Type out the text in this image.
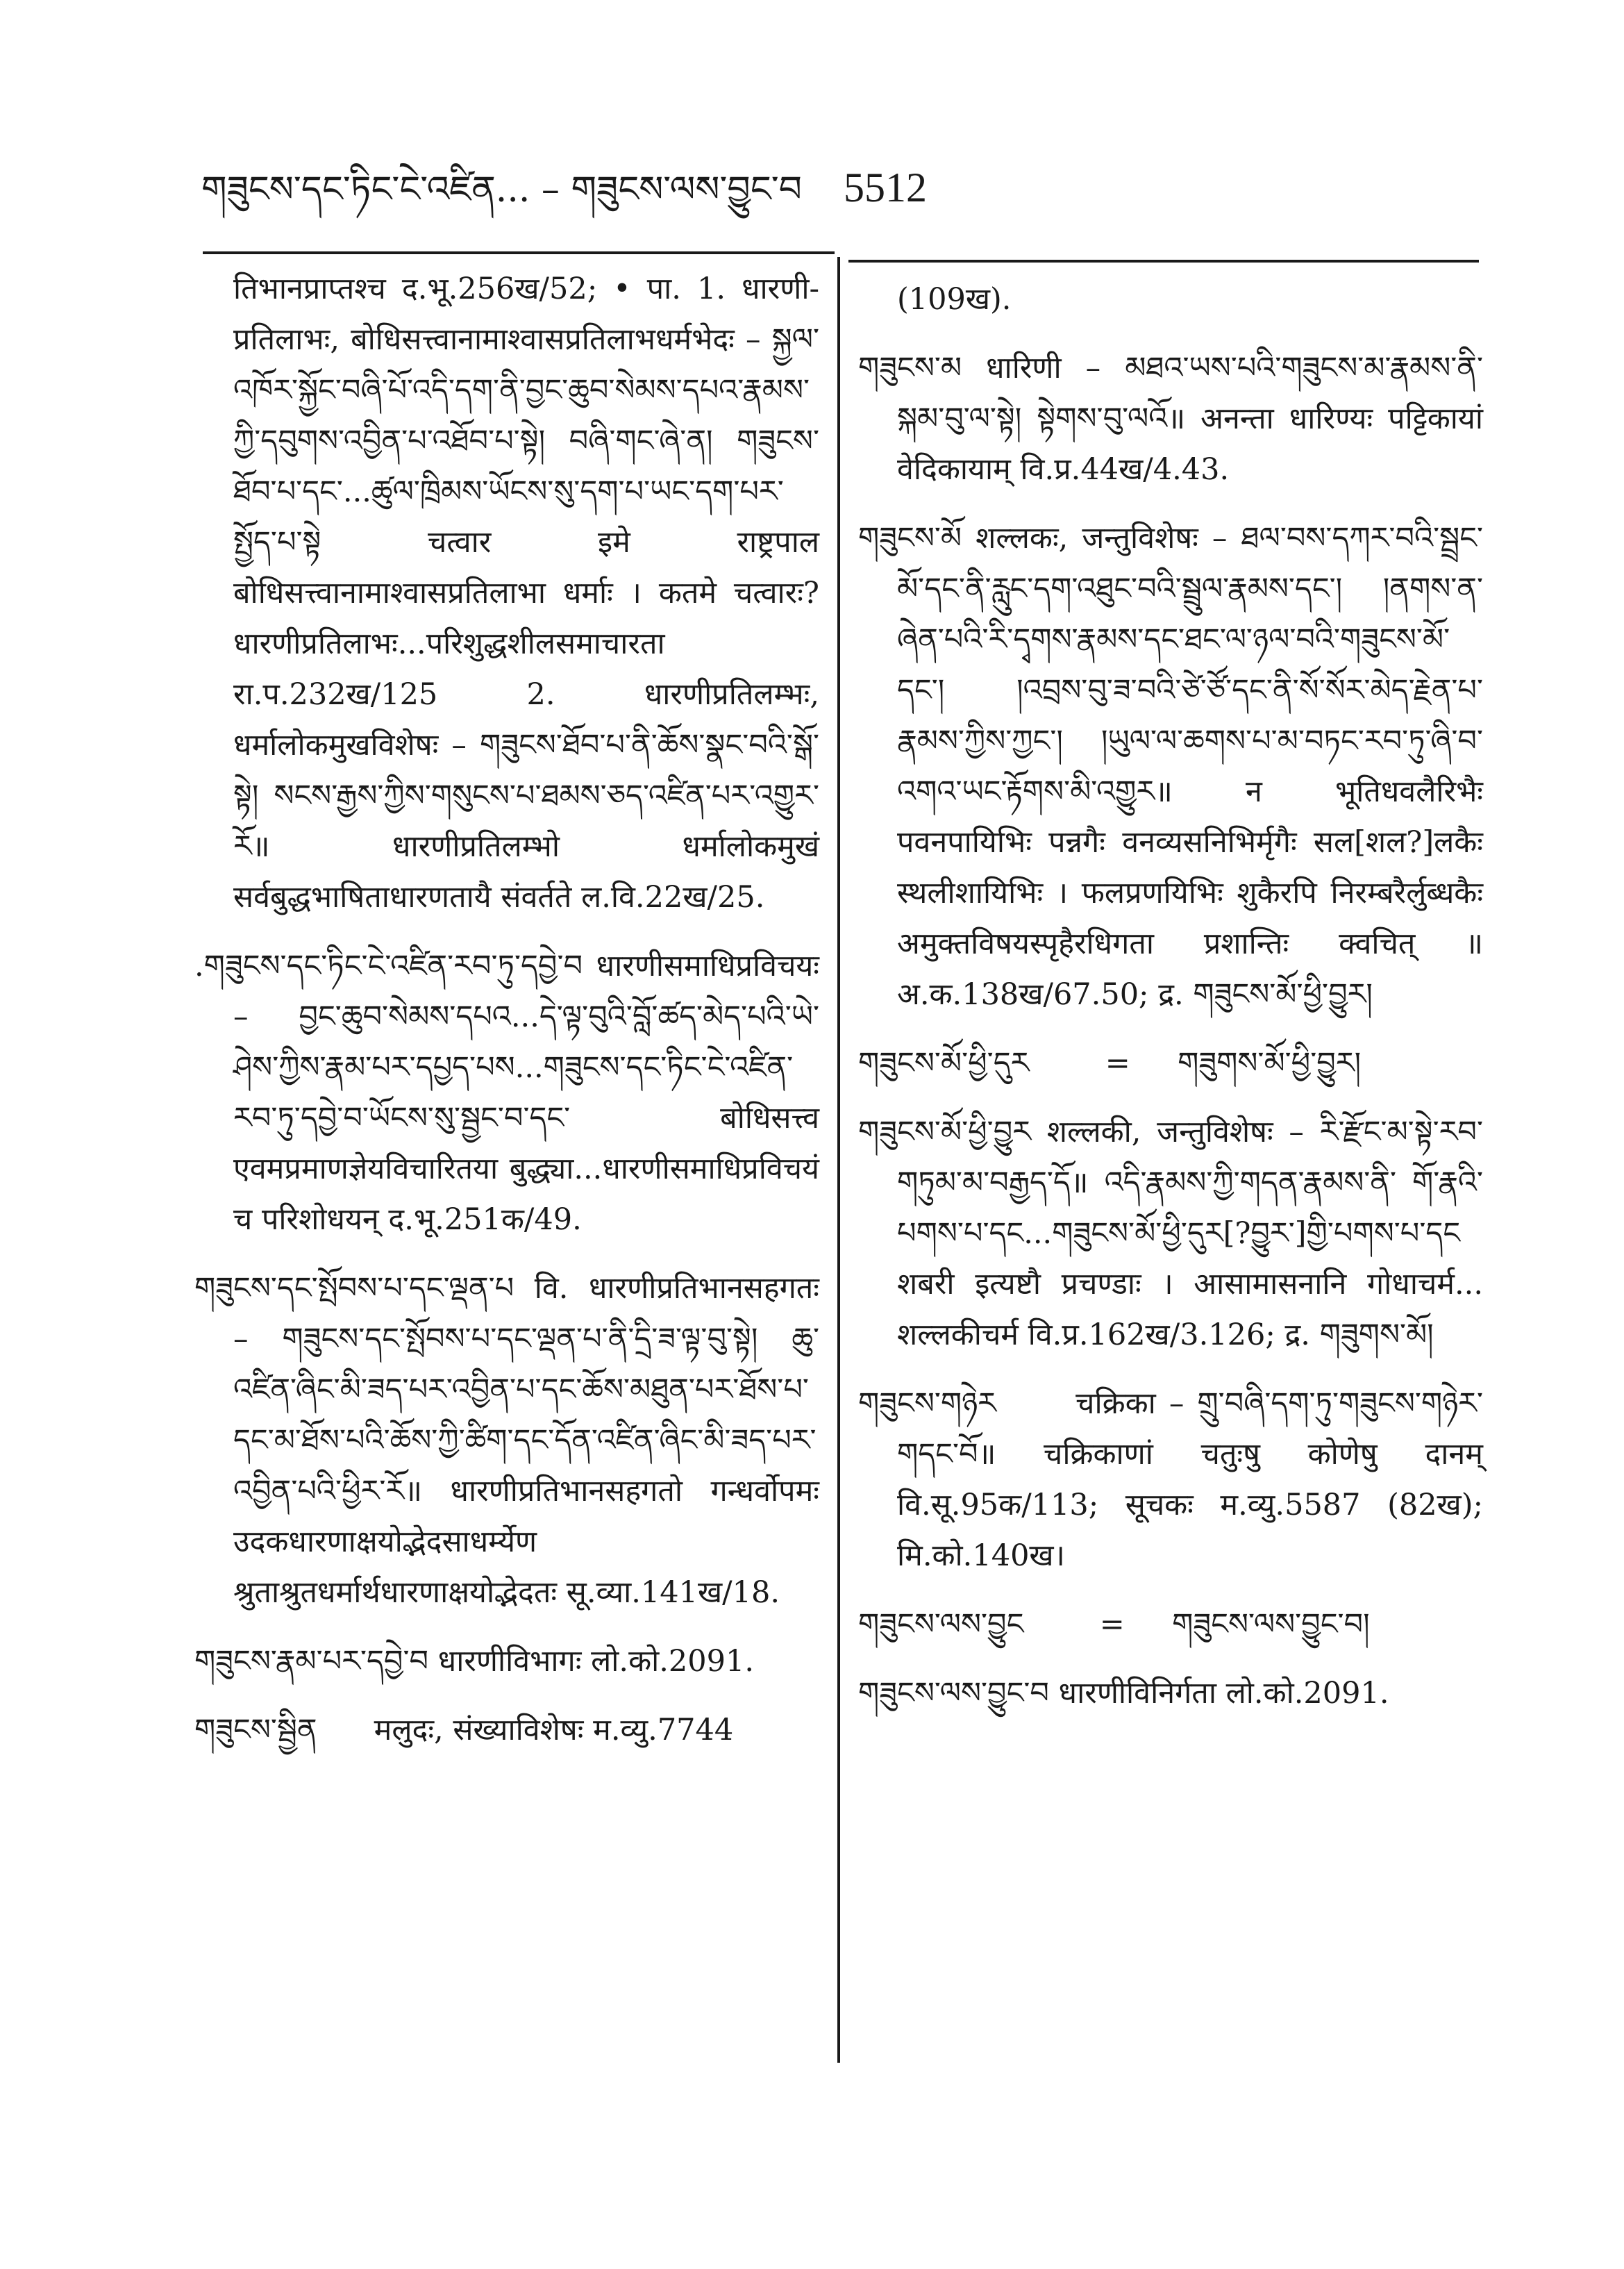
གཟུངས་དང་ཏིང་ངེ་འཛིན... – གཟུངས་ལས་བྱུང་བ 5512

तिभानप्राप्तश्च द.भू.256ख/52; • पा. 1. धारणी-प्रतिलाभः, बोधिसत्त्वानामाश्वासप्रतिलाभधर्मभेदः – སྐྱལ་འཁོར་སྐྱོང་བཞི་པོ་འདི་དག་ནི་བྱང་ཆུབ་སེམས་དཔའ་རྣམས་ཀྱི་དབུགས་འབྱིན་པ་འཐོབ་པ་སྟེ། བཞི་གང་ཞེ་ན། གཟུངས་ཐོབ་པ་དང་...ཚུལ་ཁྲིམས་ཡོངས་སུ་དག་པ་ཡང་དག་པར་སྤྱོད་པ་སྟེ चत्वार इमे राष्ट्रपाल बोधिसत्त्वानामाश्वासप्रतिलाभा धर्माः । कतमे चत्वारः? धारणीप्रतिलाभः...परिशुद्धशीलसमाचारता रा.प.232ख/125 2. धारणीप्रतिलम्भः, धर्मालोकमुखविशेषः – གཟུངས་ཐོབ་པ་ནི་ཆོས་སྣང་བའི་སྒོ་སྟེ། སངས་རྒྱས་ཀྱིས་གསུངས་པ་ཐམས་ཅད་འཛིན་པར་འགྱུར་རོ॥ धारणीप्रतिलम्भो धर्मालोकमुखं सर्वबुद्धभाषिताधारणतायै संवर्तते ल.वि.22ख/25.

.གཟུངས་དང་ཏིང་ངེ་འཛིན་རབ་ཏུ་དབྱེ་བ धारणीसमाधिप्रविचयः – བྱང་ཆུབ་སེམས་དཔའ...དེ་ལྟ་བུའི་བློ་ཚད་མེད་པའི་ཡེ་ཤེས་ཀྱིས་རྣམ་པར་དཔྱད་པས...གཟུངས་དང་ཏིང་ངེ་འཛིན་རབ་ཏུ་དབྱེ་བ་ཡོངས་སུ་སྦྱང་བ་དང་ बोधिसत्त्व एवमप्रमाणज्ञेयविचारितया बुद्ध्या...धारणीसमाधिप्रविचयं च परिशोधयन् द.भू.251क/49.

གཟུངས་དང་སྤོབས་པ་དང་ལྡན་པ वि. धारणीप्रतिभानसहगतः – གཟུངས་དང་སྤོབས་པ་དང་ལྡན་པ་ནི་དྲི་ཟ་ལྟ་བུ་སྟེ། ཆུ་འཛིན་ཞིང་མི་ཟད་པར་འབྱིན་པ་དང་ཆོས་མཐུན་པར་ཐོས་པ་དང་མ་ཐོས་པའི་ཆོས་ཀྱི་ཚིག་དང་དོན་འཛིན་ཞིང་མི་ཟད་པར་འབྱིན་པའི་ཕྱིར་རོ॥ धारणीप्रतिभानसहगतो गन्धर्वोपमः उदकधारणाक्षयोद्भेदसाधर्म्येण श्रुताश्रुतधर्मार्थधारणाक्षयोद्भेदतः सू.व्या.141ख/18.

གཟུངས་རྣམ་པར་དབྱེ་བ धारणीविभागः लो.को.2091.

གཟུངས་སྦྱིན      मलुदः, संख्याविशेषः म.व्यु.7744

(109ख).

གཟུངས་མ धारिणी – མཐའ་ཡས་པའི་གཟུངས་མ་རྣམས་ནི་སྐམ་བུ་ལ་སྟེ། སྟེགས་བུ་ལའོ॥ अनन्ता धारिण्यः पट्टिकायां वेदिकायाम् वि.प्र.44ख/4.43.

གཟུངས་མོ शल्लकः, जन्तुविशेषः – ཐལ་བས་དཀར་བའི་སྦྲང་མོ་དང་ནི་རླུང་དག་འཐུང་བའི་སྦྲུལ་རྣམས་དང་། །ནགས་ན་ཞེན་པའི་རི་དྭགས་རྣམས་དང་ཐང་ལ་ཉལ་བའི་གཟུངས་མོ་དང་། །འབྲས་བུ་ཟ་བའི་ཙེ་ཙོ་དང་ནི་སོ་སོར་མེད་རྗེན་པ་རྣམས་ཀྱིས་ཀྱང་། །ཡུལ་ལ་ཆགས་པ་མ་བཏང་རབ་ཏུ་ཞི་བ་འགའ་ཡང་རྟོགས་མི་འགྱུར॥ न भूतिधवलैरिभैः पवनपायिभिः पन्नगैः वनव्यसनिभिर्मृगैः सल[शल?]लकैः स्थलीशायिभिः । फलप्रणयिभिः शुकैरपि निरम्बरैर्लुब्धकैः अमुक्तविषयस्पृहैरधिगता प्रशान्तिः क्वचित् ॥ अ.क.138ख/67.50; द्र. གཟུངས་མོ་ཕྱི་བྱུར།

གཟུངས་མོ་ཕྱི་དུར        =     གཟུགས་མོ་ཕྱི་བྱུར།

གཟུངས་མོ་ཕྱི་བྱུར शल्लकी, जन्तुविशेषः – རི་རྫོང་མ་སྟེ་རབ་གཏུམ་མ་བརྒྱད་དོ॥ འདི་རྣམས་ཀྱི་གདན་རྣམས་ནི་ གོ་རྣའི་པགས་པ་དང...གཟུངས་མོ་ཕྱི་དུར[?བྱུར་]གྱི་པགས་པ་དང शबरी इत्यष्टौ प्रचण्डाः । आसामासनानि गोधाचर्म... शल्लकीचर्म वि.प्र.162ख/3.126; द्र. གཟུགས་མོ།

གཟུངས་གཉེར      चक्रिका – གྲུ་བཞི་དག་ཏུ་གཟུངས་གཉེར་གདང་བོ॥ चक्रिकाणां चतुःषु कोणेषु दानम् वि.सू.95क/113; सूचकः म.व्यु.5587 (82ख); मि.को.140ख।

གཟུངས་ལས་བྱུང        =     གཟུངས་ལས་བྱུང་བ།

གཟུངས་ལས་བྱུང་བ धारणीविनिर्गता लो.को.2091.
